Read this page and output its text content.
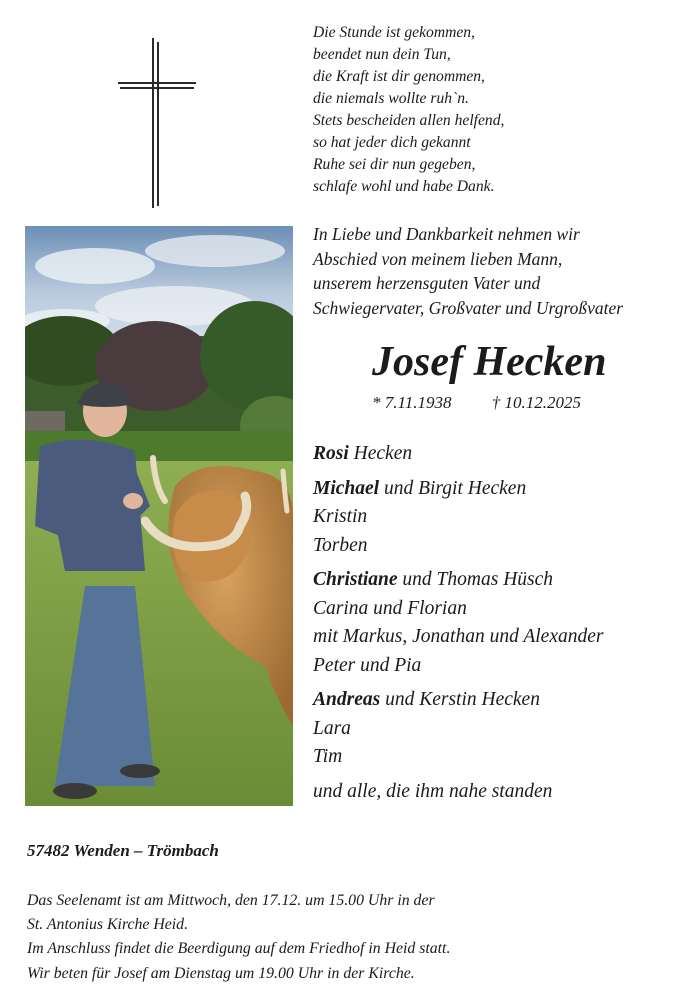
Die Stunde ist gekommen,
beendet nun dein Tun,
die Kraft ist dir genommen,
die niemals wollte ruh`n.
Stets bescheiden allen helfend,
so hat jeder dich gekannt
Ruhe sei dir nun gegeben,
schlafe wohl und habe Dank.
In Liebe und Dankbarkeit nehmen wir
Abschied von meinem lieben Mann,
unserem herzensguten Vater und
Schwiegervater, Großvater und Urgroßvater
Josef Hecken
* 7.11.1938 † 10.12.2025
Rosi Hecken
Michael und Birgit Hecken
Kristin
Torben
Christiane und Thomas Hüsch
Carina und Florian
mit Markus, Jonathan und Alexander
Peter und Pia
Andreas und Kerstin Hecken
Lara
Tim
und alle, die ihm nahe standen
57482 Wenden – Trömbach
Das Seelenamt ist am Mittwoch, den 17.12. um 15.00 Uhr in der
St. Antonius Kirche Heid.
Im Anschluss findet die Beerdigung auf dem Friedhof in Heid statt.
Wir beten für Josef am Dienstag um 19.00 Uhr in der Kirche.
